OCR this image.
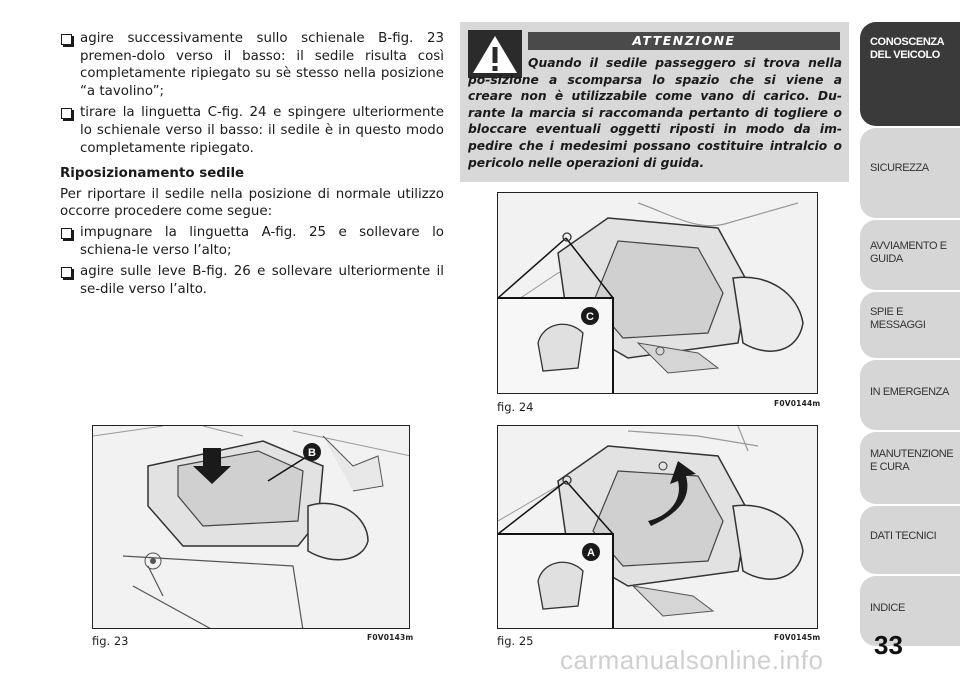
agire successivamente sullo schienale B-fig. 23 premen-dolo verso il basso: il sedile risulta così completamente ripiegato su sè stesso nella posizione “a tavolino”;

tirare la linguetta C-fig. 24 e spingere ulteriormente lo schienale verso il basso: il sedile è in questo modo completamente ripiegato.

Riposizionamento sedile

Per riportare il sedile nella posizione di normale utilizzo occorre procedere come segue:

impugnare la linguetta A-fig. 25 e sollevare lo schiena-le verso l’alto;

agire sulle leve B-fig. 26 e sollevare ulteriormente il se-dile verso l’alto.

ATTENZIONE

Quando il sedile passeggero si trova nella po-sizione a scomparsa lo spazio che si viene a creare non è utilizzabile come vano di carico. Du-rante la marcia si raccomanda pertanto di togliere o bloccare eventuali oggetti riposti in modo da im-pedire che i medesimi possano costituire intralcio o pericolo nelle operazioni di guida.

C
fig. 24	F0V0144m
B
fig. 23	F0V0143m
A
fig. 25	F0V0145m
CONOSCENZA DEL VEICOLO
SICUREZZA
AVVIAMENTO E GUIDA
SPIE E MESSAGGI
IN EMERGENZA
MANUTENZIONE E CURA
DATI TECNICI
INDICE
33
carmanualsonline.info
